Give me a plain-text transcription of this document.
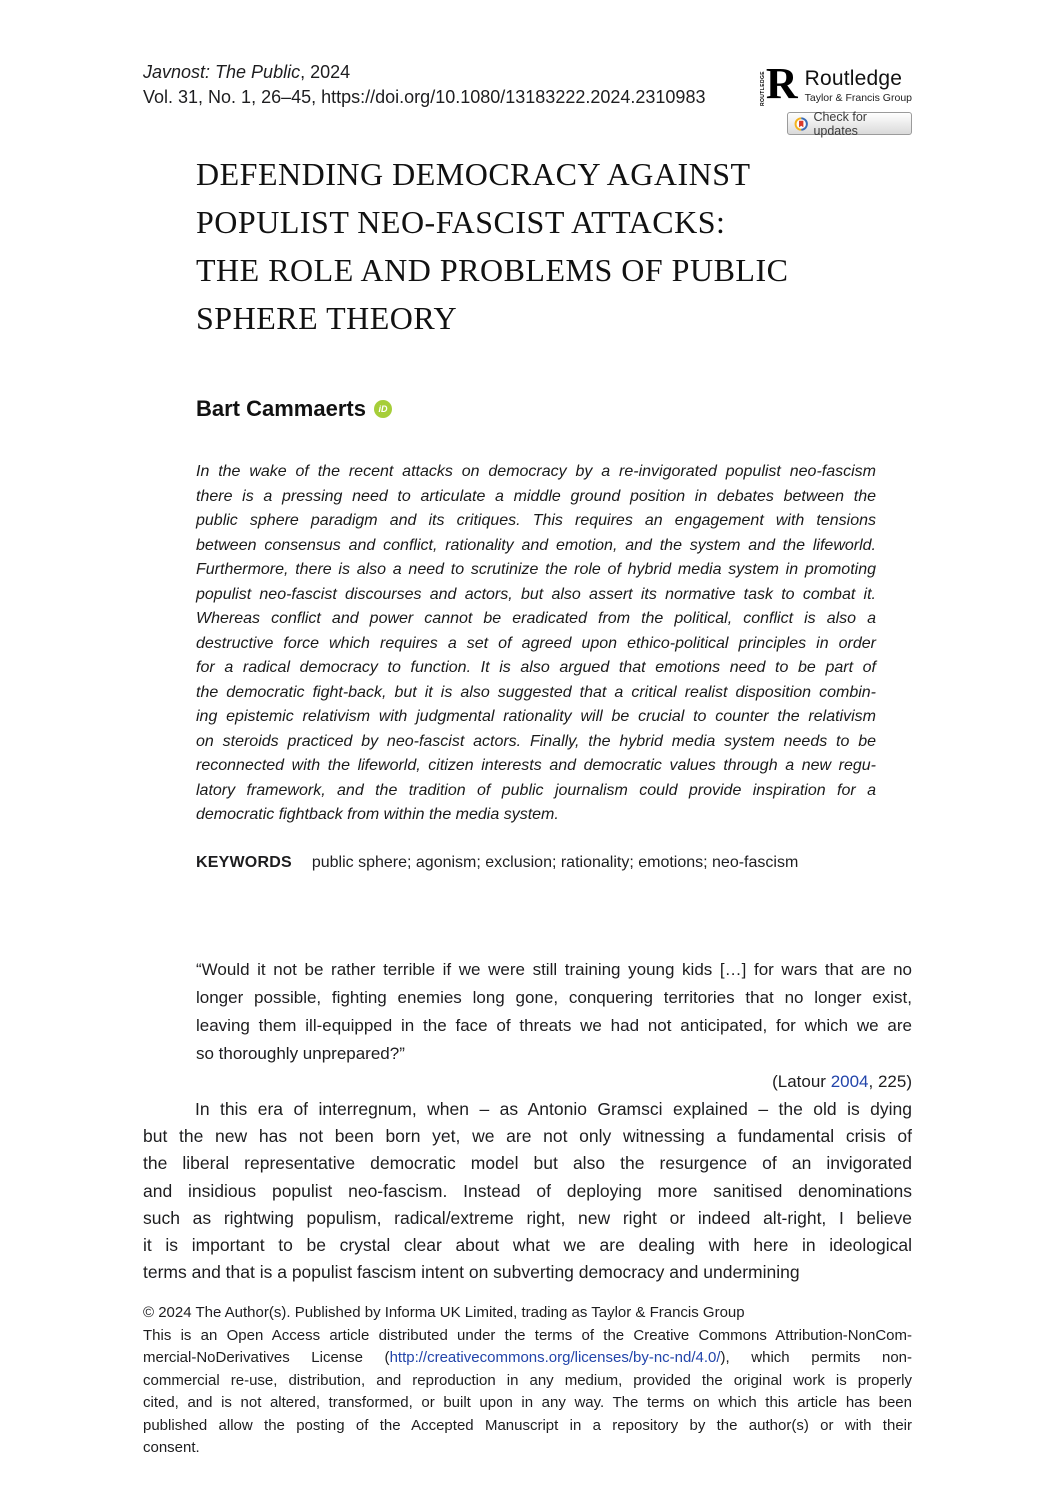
Javnost: The Public, 2024
Vol. 31, No. 1, 26–45, https://doi.org/10.1080/13183222.2024.2310983	ROUTLEDGE R Routledge
Taylor & Francis Group
Check for updates
DEFENDING DEMOCRACY AGAINST
POPULIST NEO-FASCIST ATTACKS:
THE ROLE AND PROBLEMS OF PUBLIC
SPHERE THEORY
Bart Cammaerts	iD
In the wake of the recent attacks on democracy by a re-invigorated populist neo-fascism
there is a pressing need to articulate a middle ground position in debates between the
public sphere paradigm and its critiques. This requires an engagement with tensions
between consensus and conflict, rationality and emotion, and the system and the lifeworld.
Furthermore, there is also a need to scrutinize the role of hybrid media system in promoting
populist neo-fascist discourses and actors, but also assert its normative task to combat it.
Whereas conflict and power cannot be eradicated from the political, conflict is also a
destructive force which requires a set of agreed upon ethico-political principles in order
for a radical democracy to function. It is also argued that emotions need to be part of
the democratic fight-back, but it is also suggested that a critical realist disposition combin-
ing epistemic relativism with judgmental rationality will be crucial to counter the relativism
on steroids practiced by neo-fascist actors. Finally, the hybrid media system needs to be
reconnected with the lifeworld, citizen interests and democratic values through a new regu-
latory framework, and the tradition of public journalism could provide inspiration for a
democratic fightback from within the media system.
KEYWORDS public sphere; agonism; exclusion; rationality; emotions; neo-fascism
“Would it not be rather terrible if we were still training young kids […] for wars that are no
longer possible, fighting enemies long gone, conquering territories that no longer exist,
leaving them ill-equipped in the face of threats we had not anticipated, for which we are
so thoroughly unprepared?”
(Latour 2004, 225)
In this era of interregnum, when – as Antonio Gramsci explained – the old is dying
but the new has not been born yet, we are not only witnessing a fundamental crisis of
the liberal representative democratic model but also the resurgence of an invigorated
and insidious populist neo-fascism. Instead of deploying more sanitised denominations
such as rightwing populism, radical/extreme right, new right or indeed alt-right, I believe
it is important to be crystal clear about what we are dealing with here in ideological
terms and that is a populist fascism intent on subverting democracy and undermining
© 2024 The Author(s). Published by Informa UK Limited, trading as Taylor & Francis Group
This is an Open Access article distributed under the terms of the Creative Commons Attribution-NonCom-
mercial-NoDerivatives License (http://creativecommons.org/licenses/by-nc-nd/4.0/), which permits non-
commercial re-use, distribution, and reproduction in any medium, provided the original work is properly
cited, and is not altered, transformed, or built upon in any way. The terms on which this article has been
published allow the posting of the Accepted Manuscript in a repository by the author(s) or with their
consent.
